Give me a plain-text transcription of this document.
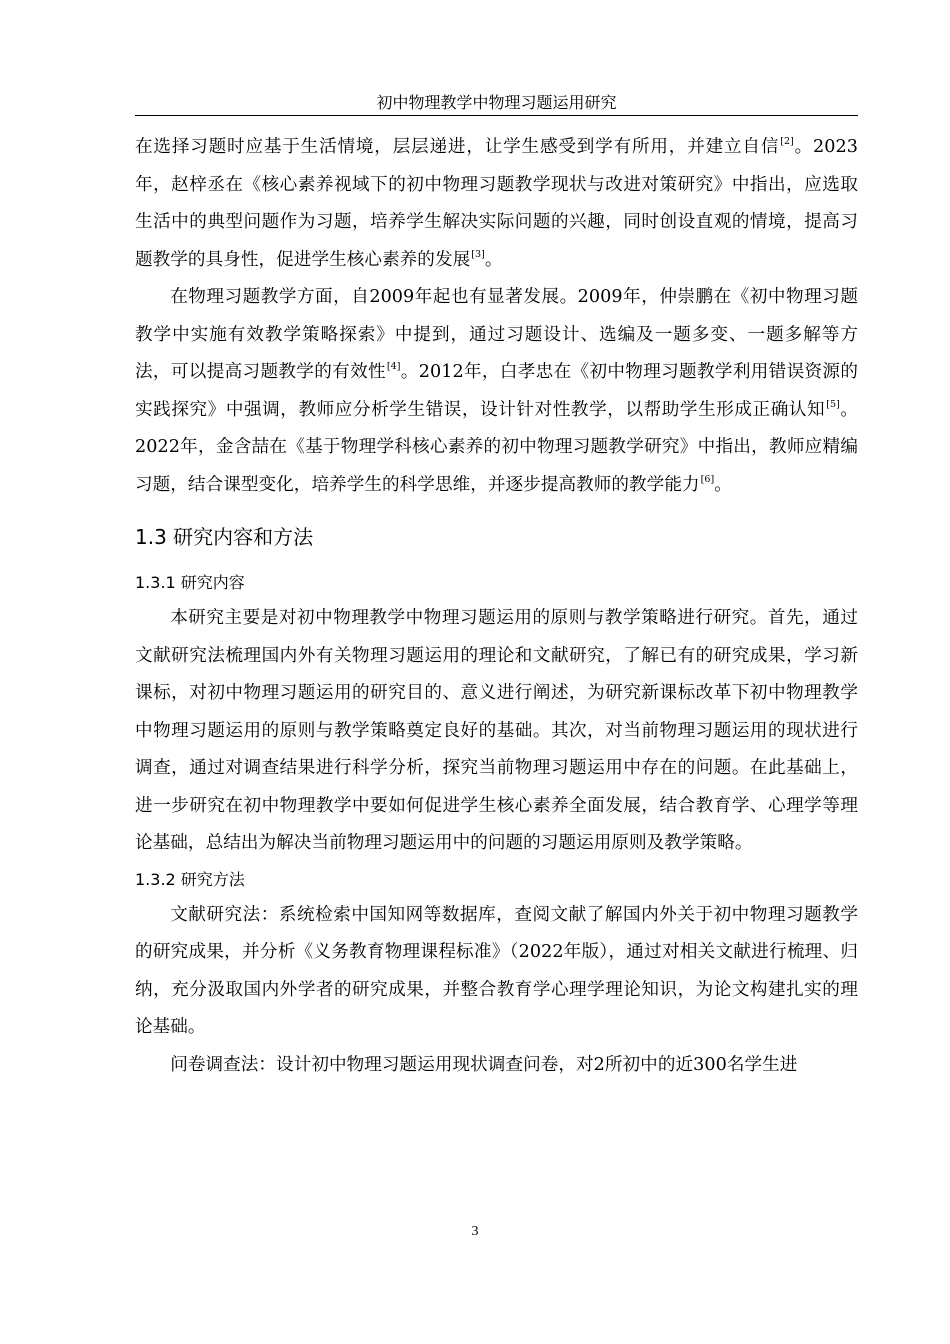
初中物理教学中物理习题运用研究

在选择习题时应基于生活情境，层层递进，让学生感受到学有所用，并建立自信[2]。2023年，赵梓丞在《核心素养视域下的初中物理习题教学现状与改进对策研究》中指出，应选取生活中的典型问题作为习题，培养学生解决实际问题的兴趣，同时创设直观的情境，提高习题教学的具身性，促进学生核心素养的发展[3]。

在物理习题教学方面，自2009年起也有显著发展。2009年，仲崇鹏在《初中物理习题教学中实施有效教学策略探索》中提到，通过习题设计、选编及一题多变、一题多解等方法，可以提高习题教学的有效性[4]。2012年，白孝忠在《初中物理习题教学利用错误资源的实践探究》中强调，教师应分析学生错误，设计针对性教学，以帮助学生形成正确认知[5]。2022年，金含喆在《基于物理学科核心素养的初中物理习题教学研究》中指出，教师应精编习题，结合课型变化，培养学生的科学思维，并逐步提高教师的教学能力[6]。

1.3 研究内容和方法
1.3.1 研究内容

本研究主要是对初中物理教学中物理习题运用的原则与教学策略进行研究。首先，通过文献研究法梳理国内外有关物理习题运用的理论和文献研究，了解已有的研究成果，学习新课标，对初中物理习题运用的研究目的、意义进行阐述，为研究新课标改革下初中物理教学中物理习题运用的原则与教学策略奠定良好的基础。其次，对当前物理习题运用的现状进行调查，通过对调查结果进行科学分析，探究当前物理习题运用中存在的问题。在此基础上，进一步研究在初中物理教学中要如何促进学生核心素养全面发展，结合教育学、心理学等理论基础，总结出为解决当前物理习题运用中的问题的习题运用原则及教学策略。

1.3.2 研究方法

文献研究法：系统检索中国知网等数据库，查阅文献了解国内外关于初中物理习题教学的研究成果，并分析《义务教育物理课程标准》（2022年版），通过对相关文献进行梳理、归纳，充分汲取国内外学者的研究成果，并整合教育学心理学理论知识，为论文构建扎实的理论基础。

问卷调查法：设计初中物理习题运用现状调查问卷，对2所初中的近300名学生进

3
